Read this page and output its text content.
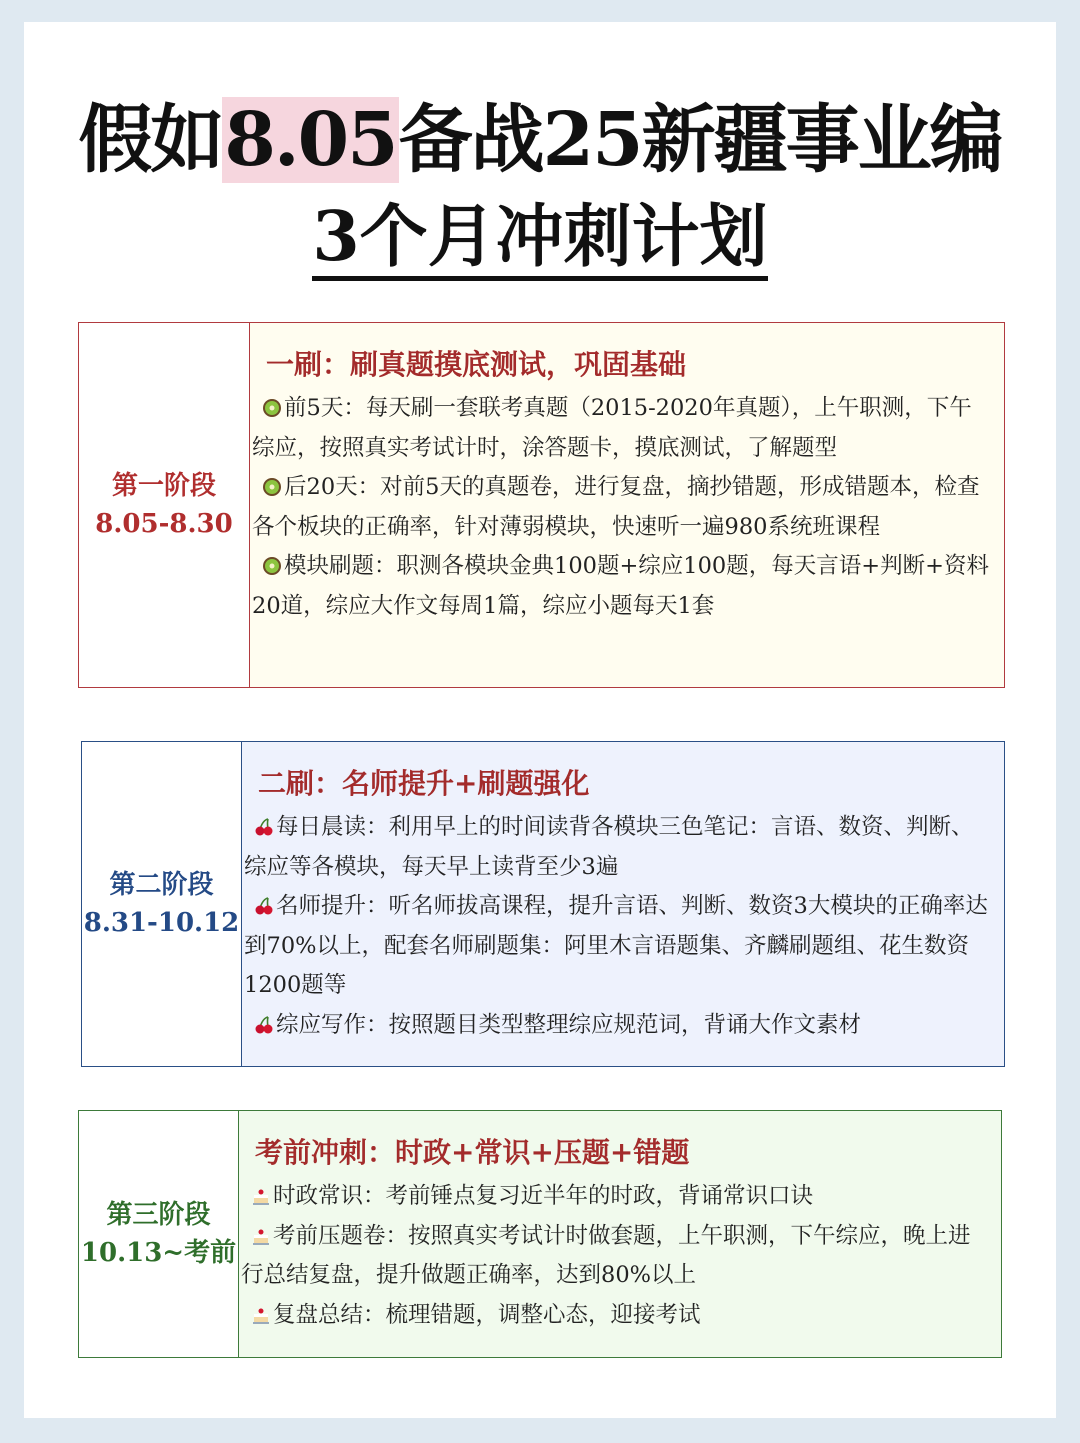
假如8.05备战25新疆事业编
3个月冲刺计划
第一阶段
8.05-8.30
一刷：刷真题摸底测试，巩固基础

前5天：每天刷一套联考真题（2015-2020年真题），上午职测，下午综应，按照真实考试计时，涂答题卡，摸底测试，了解题型

后20天：对前5天的真题卷，进行复盘，摘抄错题，形成错题本，检查各个板块的正确率，针对薄弱模块，快速听一遍980系统班课程

模块刷题：职测各模块金典100题+综应100题，每天言语+判断+资料20道，综应大作文每周1篇，综应小题每天1套

第二阶段
8.31-10.12
二刷：名师提升+刷题强化

每日晨读：利用早上的时间读背各模块三色笔记：言语、数资、判断、综应等各模块，每天早上读背至少3遍

名师提升：听名师拔高课程，提升言语、判断、数资3大模块的正确率达到70%以上，配套名师刷题集：阿里木言语题集、齐麟刷题组、花生数资1200题等

综应写作：按照题目类型整理综应规范词，背诵大作文素材

第三阶段
10.13~考前
考前冲刺：时政+常识+压题+错题

时政常识：考前锤点复习近半年的时政，背诵常识口诀

考前压题卷：按照真实考试计时做套题，上午职测，下午综应，晚上进行总结复盘，提升做题正确率，达到80%以上

复盘总结：梳理错题，调整心态，迎接考试
